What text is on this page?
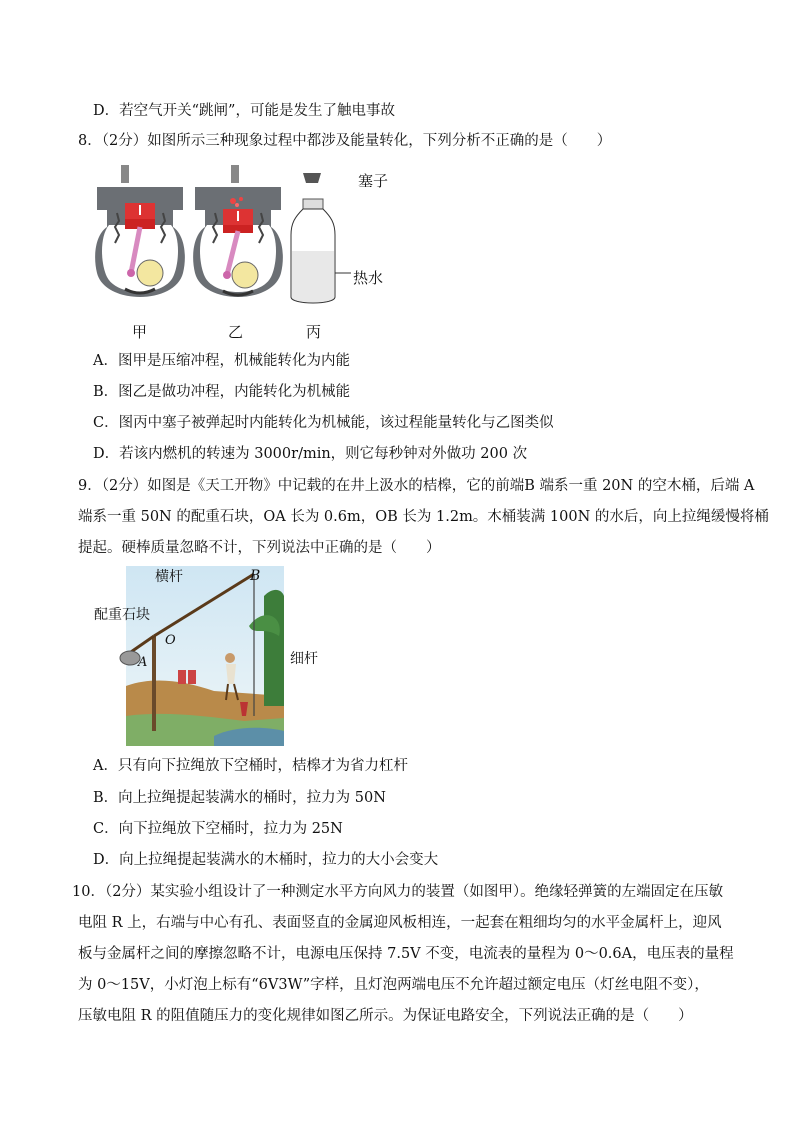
D．若空气开关“跳闸”，可能是发生了触电事故
8．（2分）如图所示三种现象过程中都涉及能量转化，下列分析不正确的是（　　）
塞子
热水
甲	乙	丙
A．图甲是压缩冲程，机械能转化为内能
B．图乙是做功冲程，内能转化为机械能
C．图丙中塞子被弹起时内能转化为机械能，该过程能量转化与乙图类似
D．若该内燃机的转速为 3000r/min，则它每秒钟对外做功 200 次
9．（2分）如图是《天工开物》中记载的在井上汲水的桔槔，它的前端B 端系一重 20N 的空木桶，后端 A
端系一重 50N 的配重石块，OA 长为 0.6m，OB 长为 1.2m。木桶装满 100N 的水后，向上拉绳缓慢将桶
提起。硬棒质量忽略不计，下列说法中正确的是（　　）
横杆	B
配重石块
O
A	细杆
A．只有向下拉绳放下空桶时，桔槔才为省力杠杆
B．向上拉绳提起装满水的桶时，拉力为 50N
C．向下拉绳放下空桶时，拉力为 25N
D．向上拉绳提起装满水的木桶时，拉力的大小会变大
10．（2分）某实验小组设计了一种测定水平方向风力的装置（如图甲）。绝缘轻弹簧的左端固定在压敏
电阻 R 上，右端与中心有孔、表面竖直的金属迎风板相连，一起套在粗细均匀的水平金属杆上，迎风
板与金属杆之间的摩擦忽略不计，电源电压保持 7.5V 不变，电流表的量程为 0～0.6A，电压表的量程
为 0～15V，小灯泡上标有“6V3W”字样，且灯泡两端电压不允许超过额定电压（灯丝电阻不变），
压敏电阻 R 的阻值随压力的变化规律如图乙所示。为保证电路安全，下列说法正确的是（　　）
